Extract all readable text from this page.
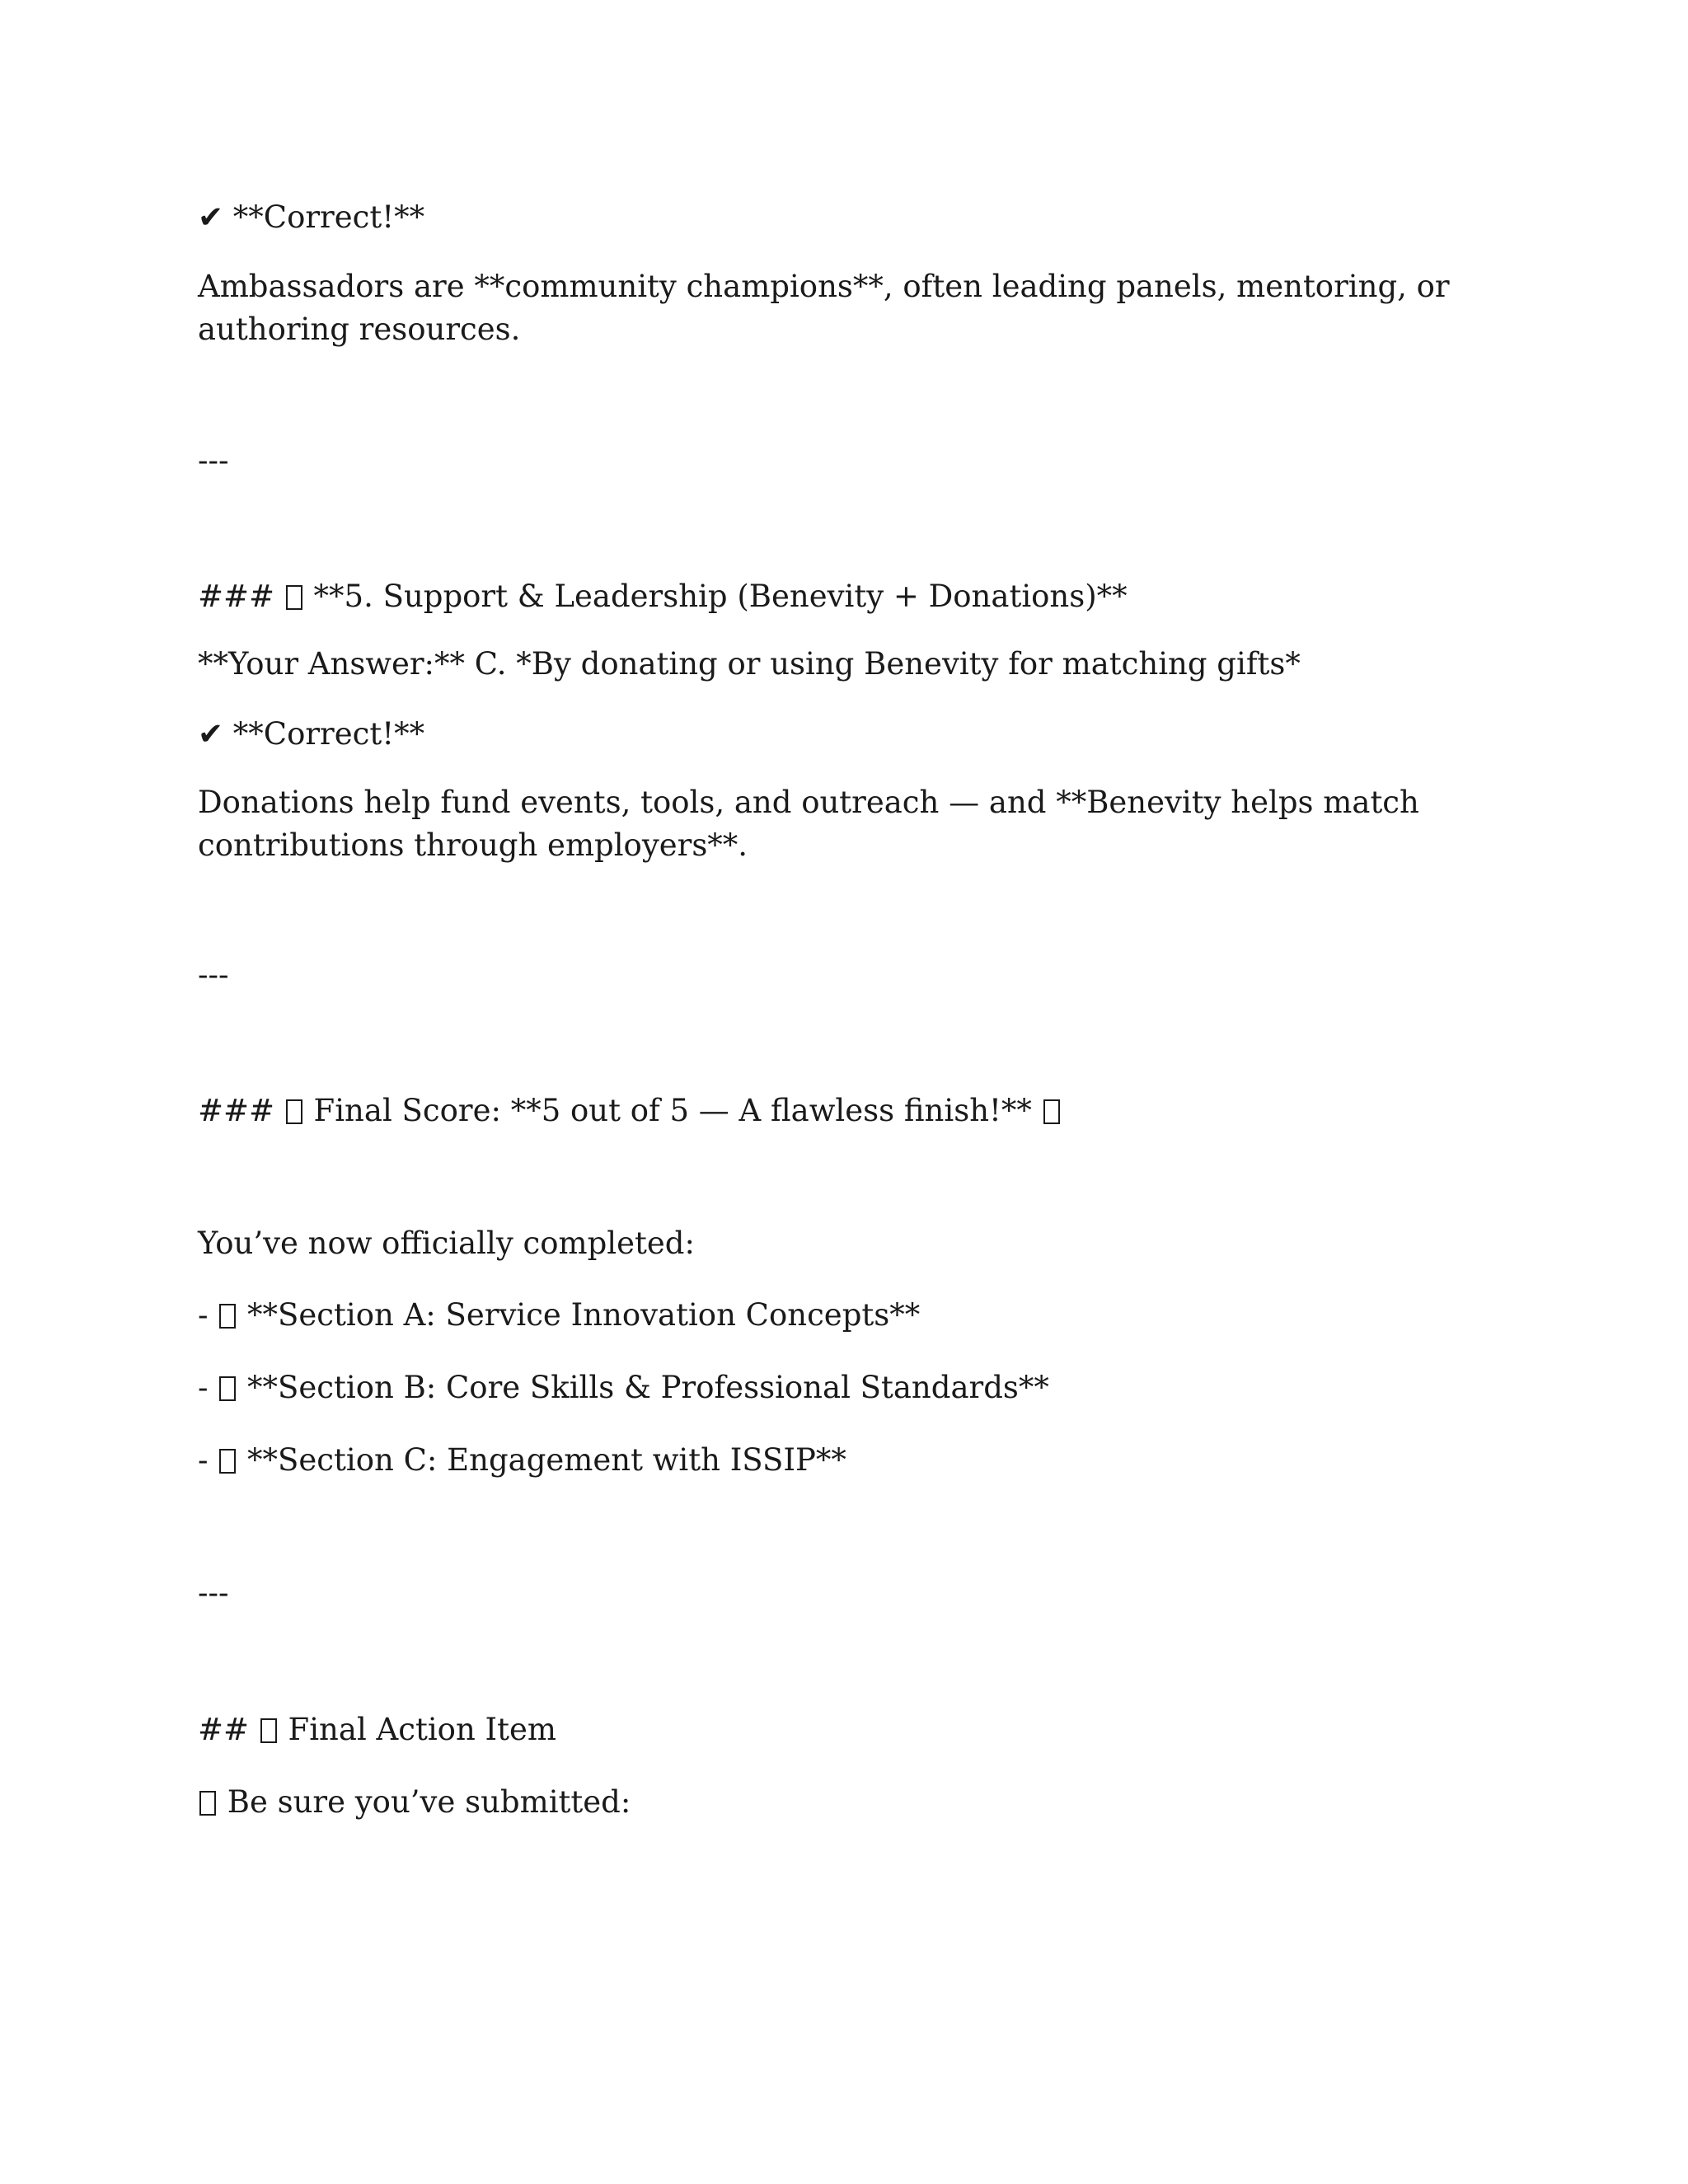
✔ **Correct!**
Ambassadors are **community champions**, often leading panels, mentoring, or authoring resources.
---
### **5. Support & Leadership (Benevity + Donations)**
**Your Answer:** C. *By donating or using Benevity for matching gifts*
✔ **Correct!**
Donations help fund events, tools, and outreach — and **Benevity helps match contributions through employers**.
---
### Final Score: **5 out of 5 — A flawless finish!**
You’ve now officially completed:
- **Section A: Service Innovation Concepts**
- **Section B: Core Skills & Professional Standards**
- **Section C: Engagement with ISSIP**
---
## Final Action Item
Be sure you’ve submitted:
